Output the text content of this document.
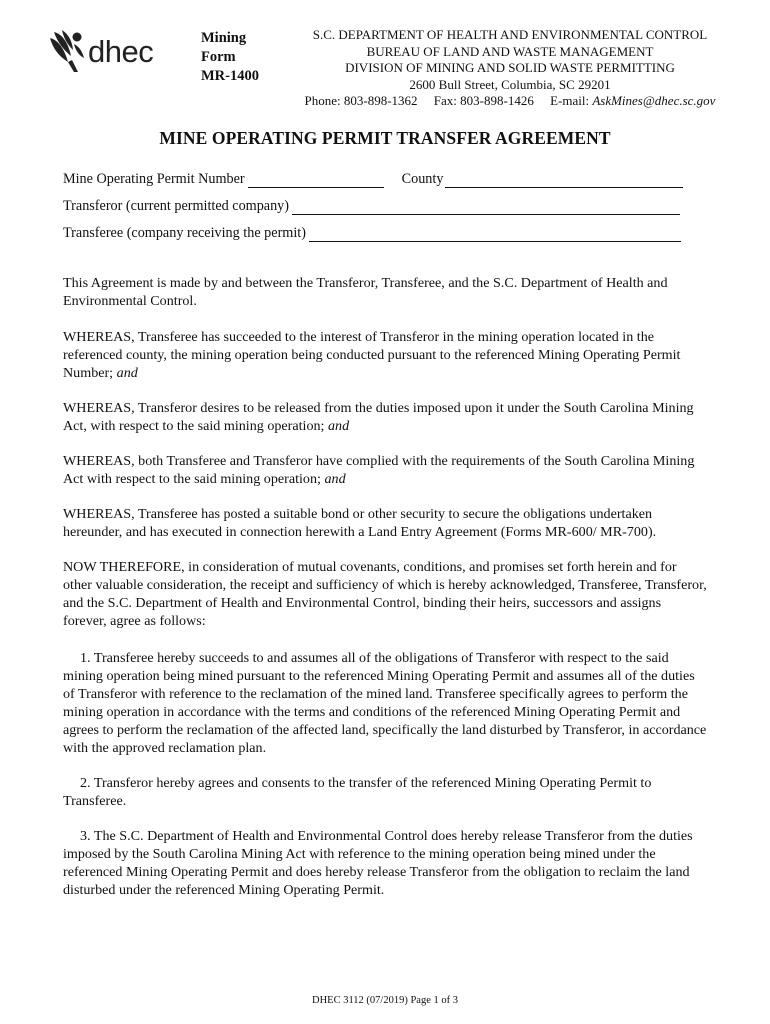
dhec	Mining
Form
MR-1400
S.C. DEPARTMENT OF HEALTH AND ENVIRONMENTAL CONTROL
BUREAU OF LAND AND WASTE MANAGEMENT
DIVISION OF MINING AND SOLID WASTE PERMITTING
2600 Bull Street, Columbia, SC 29201
Phone: 803-898-1362     Fax: 803-898-1426     E-mail: AskMines@dhec.sc.gov
MINE OPERATING PERMIT TRANSFER AGREEMENT
Mine Operating Permit Number	County
Transferor (current permitted company)
Transferee (company receiving the permit)

This Agreement is made by and between the Transferor, Transferee, and the S.C. Department of Health and Environmental Control.

WHEREAS, Transferee has succeeded to the interest of Transferor in the mining operation located in the referenced county, the mining operation being conducted pursuant to the referenced Mining Operating Permit Number; and

WHEREAS, Transferor desires to be released from the duties imposed upon it under the South Carolina Mining Act, with respect to the said mining operation; and

WHEREAS, both Transferee and Transferor have complied with the requirements of the South Carolina Mining Act with respect to the said mining operation; and

WHEREAS, Transferee has posted a suitable bond or other security to secure the obligations undertaken hereunder, and has executed in connection herewith a Land Entry Agreement (Forms MR-600/ MR-700).

NOW THEREFORE, in consideration of mutual covenants, conditions, and promises set forth herein and for other valuable consideration, the receipt and sufficiency of which is hereby acknowledged, Transferee, Transferor, and the S.C. Department of Health and Environmental Control, binding their heirs, successors and assigns forever, agree as follows:

1. Transferee hereby succeeds to and assumes all of the obligations of Transferor with respect to the said mining operation being mined pursuant to the referenced Mining Operating Permit and assumes all of the duties of Transferor with reference to the reclamation of the mined land. Transferee specifically agrees to perform the mining operation in accordance with the terms and conditions of the referenced Mining Operating Permit and agrees to perform the reclamation of the affected land, specifically the land disturbed by Transferor, in accordance with the approved reclamation plan.

2. Transferor hereby agrees and consents to the transfer of the referenced Mining Operating Permit to Transferee.

3. The S.C. Department of Health and Environmental Control does hereby release Transferor from the duties imposed by the South Carolina Mining Act with reference to the mining operation being mined under the referenced Mining Operating Permit and does hereby release Transferor from the obligation to reclaim the land disturbed under the referenced Mining Operating Permit.

DHEC 3112 (07/2019) Page 1 of 3
